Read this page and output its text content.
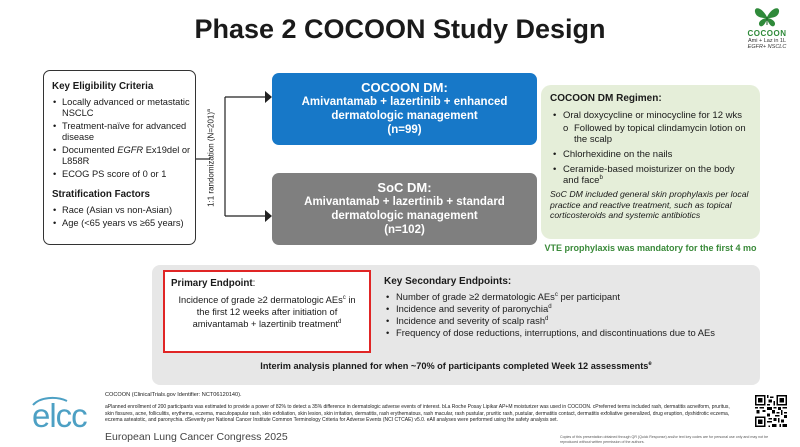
Phase 2 COCOON Study Design	COCOON
Ami + Laz in 1L
EGFR+ NSCLC
Key Eligibility Criteria
• Locally advanced or metastatic NSCLC
• Treatment-naïve for advanced disease
• Documented EGFR Ex19del or L858R
• ECOG PS score of 0 or 1
Stratification Factors
• Race (Asian vs non-Asian)
• Age (<65 years vs ≥65 years)
1:1 randomization (N=201)$^a$
COCOON DM:
Amivantamab + lazertinib + enhanced dermatologic management
(n=99)
SoC DM:
Amivantamab + lazertinib + standard dermatologic management
(n=102)
COCOON DM Regimen:
• Oral doxycycline or minocycline for 12 wks
o Followed by topical clindamycin lotion on the scalp
• Chlorhexidine on the nails
• Ceramide-based moisturizer on the body and face$^b$
SoC DM included general skin prophylaxis per local practice and reactive treatment, such as topical corticosteroids and systemic antibiotics
VTE prophylaxis was mandatory for the first 4 mo
Primary Endpoint:
Incidence of grade ≥2 dermatologic AEs$^c$ in the first 12 weeks after initiation of amivantamab + lazertinib treatment$^d$
Key Secondary Endpoints:
• Number of grade ≥2 dermatologic AEs$^c$ per participant
• Incidence and severity of paronychia$^d$
• Incidence and severity of scalp rash$^d$
• Frequency of dose reductions, interruptions, and discontinuations due to AEs
Interim analysis planned for when ~70% of participants completed Week 12 assessments$^e$
COCOON (ClinicalTrials.gov Identifier: NCT06120140).
aPlanned enrollment of 200 participants was estimated to provide a power of 82% to detect a 35% difference in dermatologic adverse events of interest. bLa Roche Posay Lipikar AP+M moisturizer was used in COCOON. cPreferred terms included rash, dermatitis acneiform, pruritus, skin fissures, acne, folliculitis, erythema, eczema, maculopapular rash, skin exfoliation, skin lesion, skin irritation, dermatitis, rash erythematous, rash macular, rash pustular, pruritic rash, pustular, dermatitis contact, dermatitis exfoliative generalized, drug eruption, dyshidrotic eczema, eczema asteatotic, and paronychia. dSeverity per National Cancer Institute Common Terminology Criteria for Adverse Events (NCI CTCAE) v5.0. eAll analyses were performed using the safety analysis set.
elcc
European Lung Cancer Congress 2025	Copies of this presentation obtained through QR (Quick Response) and/or text key codes are for personal use only and may not be reproduced without written permission of the authors.
